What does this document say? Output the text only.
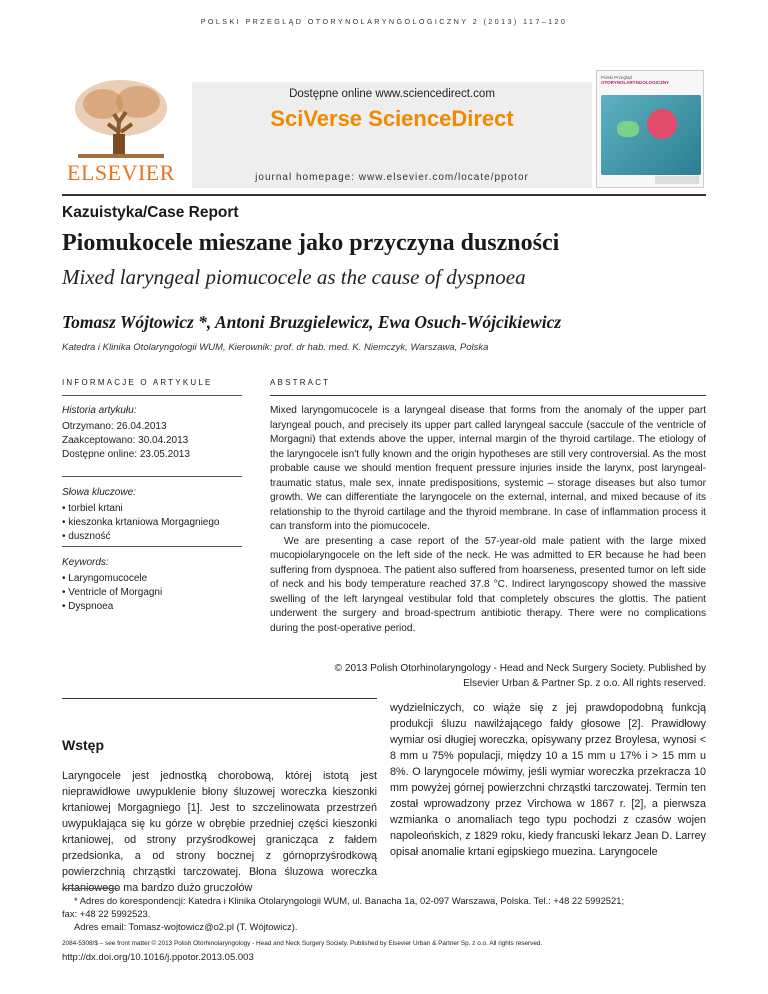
POLSKI PRZEGLĄD OTORYNOLARYNGOLOGICZNY 2 (2013) 117–120
ELSEVIER
Dostępne online www.sciencedirect.com
SciVerse ScienceDirect
journal homepage: www.elsevier.com/locate/ppotor
Polski Przegląd
OTORYNOLARYNGOLOGICZNY
Kazuistyka/Case Report
Piomukocele mieszane jako przyczyna duszności
Mixed laryngeal piomucocele as the cause of dyspnoea
Tomasz Wójtowicz *, Antoni Bruzgielewicz, Ewa Osuch-Wójcikiewicz
Katedra i Klinika Otolaryngologii WUM, Kierownik: prof. dr hab. med. K. Niemczyk, Warszawa, Polska
INFORMACJE O ARTYKULE	ABSTRACT
Historia artykułu:
Otrzymano: 26.04.2013
Zaakceptowano: 30.04.2013
Dostępne online: 23.05.2013
Słowa kluczowe:
• torbiel krtani
• kieszonka krtaniowa Morgagniego
• duszność
Keywords:
• Laryngomucocele
• Ventricle of Morgagni
• Dyspnoea

Mixed laryngomucocele is a laryngeal disease that forms from the anomaly of the upper part laryngeal pouch, and precisely its upper part called laryngeal saccule (saccule of the ventricle of Morgagni) that extends above the upper, internal margin of the thyroid cartilage. The etiology of the laryngocele isn't fully known and the origin hypotheses are still very controversial. As the most probable cause we should mention frequent pressure injuries inside the larynx, post laryngeal-traumatic status, male sex, innate predispositions, systemic – storage diseases but also tumor growth. We can differentiate the laryngocele on the external, internal, and mixed because of its relationship to the thyroid cartilage and the thyroid membrane. In case of inflammation process it can transform into the piomucocele.

We are presenting a case report of the 57-year-old male patient with the large mixed mucopiolaryngocele on the left side of the neck. He was admitted to ER because he had been suffering from dyspnoea. The patient also suffered from hoarseness, presented tumor on left side of neck and his body temperature reached 37.8 °C. Indirect laryngoscopy showed the massive swelling of the left laryngeal vestibular fold that completely obscures the glottis. The patient underwent the surgery and broad-spectrum antibiotic therapy. There were no complications during the post-operative period.

© 2013 Polish Otorhinolaryngology - Head and Neck Surgery Society. Published by
Elsevier Urban & Partner Sp. z o.o. All rights reserved.
Wstęp
Laryngocele jest jednostką chorobową, której istotą jest nieprawidłowe uwypuklenie błony śluzowej woreczka kieszonki krtaniowej Morgagniego [1]. Jest to szczelinowata przestrzeń uwypuklająca się ku górze w obrębie przedniej części kieszonki krtaniowej, od strony przyśrodkowej granicząca z fałdem przedsionka, a od strony bocznej z górnoprzyśrodkową powierzchnią chrząstki tarczowatej. Błona śluzowa woreczka krtaniowego ma bardzo dużo gruczołów
wydzielniczych, co wiąże się z jej prawdopodobną funkcją produkcji śluzu nawilżającego fałdy głosowe [2]. Prawidłowy wymiar osi długiej woreczka, opisywany przez Broylesa, wynosi < 8 mm u 75% populacji, między 10 a 15 mm u 17% i > 15 mm u 8%. O laryngocele mówimy, jeśli wymiar woreczka przekracza 10 mm powyżej górnej powierzchni chrząstki tarczowatej. Termin ten został wprowadzony przez Virchowa w 1867 r. [2], a pierwsza wzmianka o anomaliach tego typu pochodzi z czasów wojen napoleońskich, z 1829 roku, kiedy francuski lekarz Jean D. Larrey opisał anomalie krtani egipskiego muezina. Laryngocele
* Adres do korespondencji: Katedra i Klinika Otolaryngologii WUM, ul. Banacha 1a, 02-097 Warszawa, Polska. Tel.: +48 22 5992521;
fax: +48 22 5992523.
Adres email: Tomasz-wojtowicz@o2.pl (T. Wójtowicz).
2084-5308/$ – see front matter © 2013 Polish Otorhinolaryngology - Head and Neck Surgery Society. Published by Elsevier Urban & Partner Sp. z o.o. All rights reserved.
http://dx.doi.org/10.1016/j.ppotor.2013.05.003
